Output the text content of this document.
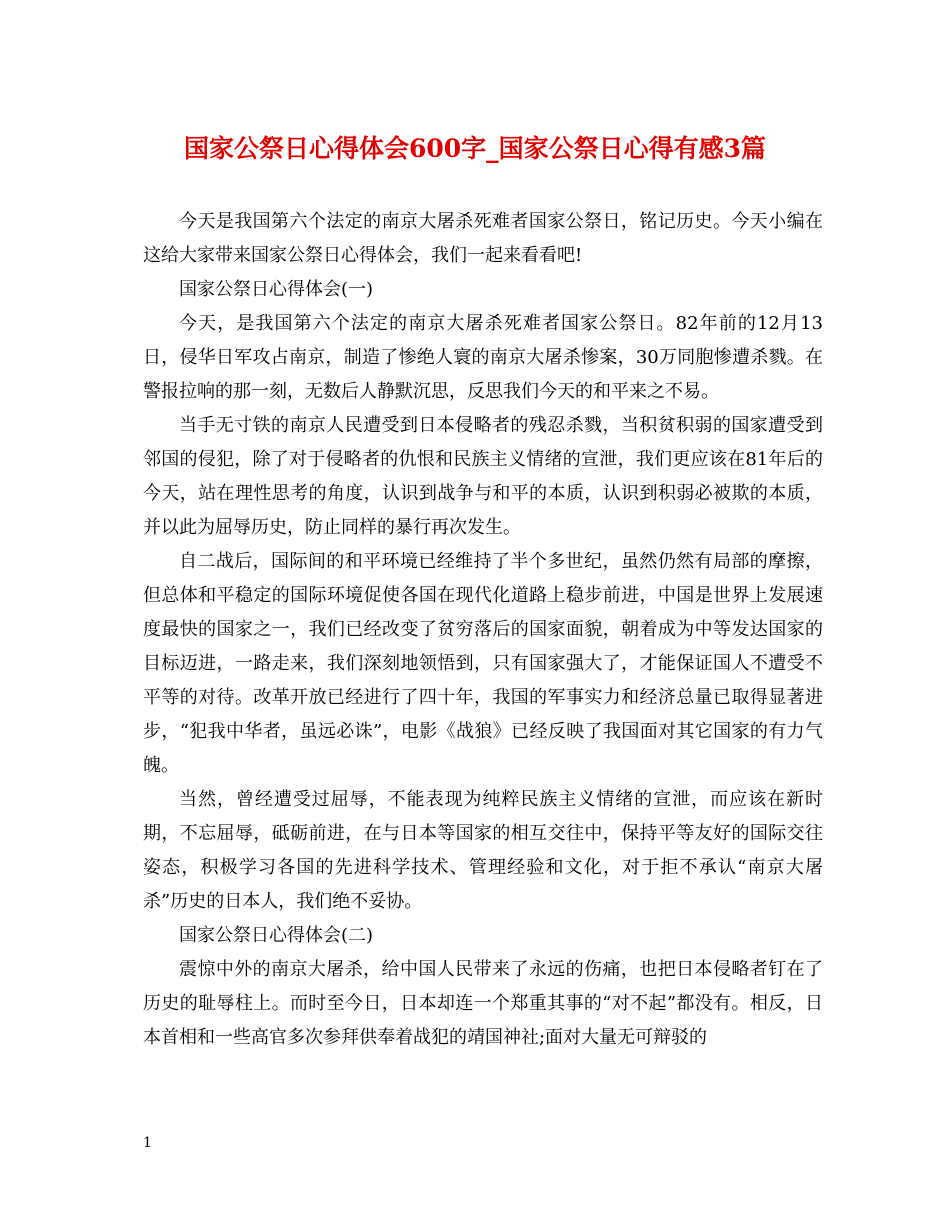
国家公祭日心得体会600字_国家公祭日心得有感3篇

今天是我国第六个法定的南京大屠杀死难者国家公祭日，铭记历史。今天小编在这给大家带来国家公祭日心得体会，我们一起来看看吧!

国家公祭日心得体会(一)

今天，是我国第六个法定的南京大屠杀死难者国家公祭日。82年前的12月13日，侵华日军攻占南京，制造了惨绝人寰的南京大屠杀惨案，30万同胞惨遭杀戮。在警报拉响的那一刻，无数后人静默沉思，反思我们今天的和平来之不易。

当手无寸铁的南京人民遭受到日本侵略者的残忍杀戮，当积贫积弱的国家遭受到邻国的侵犯，除了对于侵略者的仇恨和民族主义情绪的宣泄，我们更应该在81年后的今天，站在理性思考的角度，认识到战争与和平的本质，认识到积弱必被欺的本质，并以此为屈辱历史，防止同样的暴行再次发生。

自二战后，国际间的和平环境已经维持了半个多世纪，虽然仍然有局部的摩擦，但总体和平稳定的国际环境促使各国在现代化道路上稳步前进，中国是世界上发展速度最快的国家之一，我们已经改变了贫穷落后的国家面貌，朝着成为中等发达国家的目标迈进，一路走来，我们深刻地领悟到，只有国家强大了，才能保证国人不遭受不平等的对待。改革开放已经进行了四十年，我国的军事实力和经济总量已取得显著进步，“犯我中华者，虽远必诛”，电影《战狼》已经反映了我国面对其它国家的有力气魄。

当然，曾经遭受过屈辱，不能表现为纯粹民族主义情绪的宣泄，而应该在新时期，不忘屈辱，砥砺前进，在与日本等国家的相互交往中，保持平等友好的国际交往姿态，积极学习各国的先进科学技术、管理经验和文化，对于拒不承认“南京大屠杀”历史的日本人，我们绝不妥协。

国家公祭日心得体会(二)

震惊中外的南京大屠杀，给中国人民带来了永远的伤痛，也把日本侵略者钉在了历史的耻辱柱上。而时至今日，日本却连一个郑重其事的“对不起”都没有。相反，日本首相和一些高官多次参拜供奉着战犯的靖国神社;面对大量无可辩驳的

1
